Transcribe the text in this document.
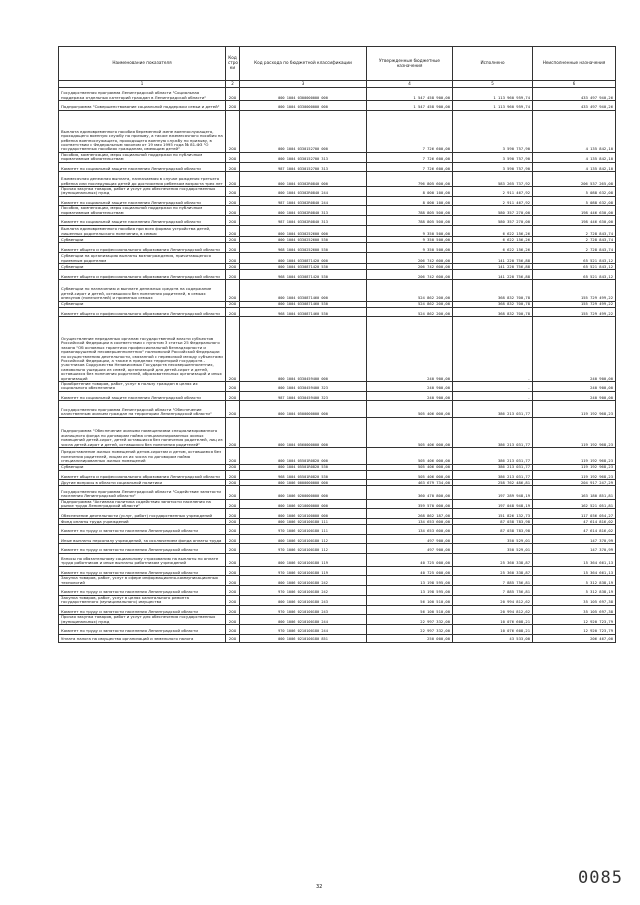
Наименование показателя	Код стро ки	Код расхода по бюджетной классификации	Утвержденные бюджетные назначения	Исполнено	Неисполненные назначения
1	2	3	4	5	6
Государственная программа Ленинградской области "Социальная поддержка отдельных категорий граждан в Ленинградской области"	200	000 1004 0300000000 000	1 547 458 900,00	1 113 960 959,74	433 497 940,26
Подпрограмма "Совершенствование социальной поддержки семьи и детей"	200	000 1004 0330000000 000	1 547 458 900,00	1 113 960 959,74	433 497 940,26
Выплата единовременного пособия беременной жене военнослужащего, проходящего военную службу по призыву, а также ежемесячного пособия на ребенка военнослужащего, проходящего военную службу по призыву, в соответствии с Федеральным законом от 19 мая 1995 года № 81-ФЗ "О государственных пособиях гражданам, имеющим детей"	200	000 1004 0330152700 000	7 726 600,00	3 590 757,90	4 135 842,10
Пособия, компенсации, меры социальной поддержки по публичным нормативным обязательствам	200	000 1004 0330152700 313	7 726 600,00	3 590 757,90	4 135 842,10
Комитет по социальной защите населения Ленинградской области	200	987 1004 0330152700 313	7 726 600,00	3 590 757,90	4 135 842,10
Ежемесячная денежная выплата, назначаемая в случае рождения третьего ребенка или последующих детей до достижения ребенком возраста трех лет	200	000 1004 03302R0840 000	796 805 600,00	583 265 737,92	206 537 265,08
Прочая закупка товаров, работ и услуг для обеспечения государственных (муниципальных) нужд	200	000 1004 03302R0840 244	8 000 100,00	2 911 467,92	5 088 632,08
Комитет по социальной защите населения Ленинградской области	200	987 1004 03302R0840 244	8 000 100,00	2 911 467,92	5 088 632,08
Пособия, компенсации, меры социальной поддержки по публичным нормативным обязательствам	200	000 1004 03302R0840 313	788 805 500,00	580 357 270,00	198 446 630,00
Комитет по социальной защите населения Ленинградской области	200	987 1004 03302R0840 313	788 805 500,00	580 357 270,00	198 446 630,00
Выплата единовременного пособия при всех формах устройства детей, лишенных родительского попечения, в семью	200	000 1004 0330252600 000	9 350 500,00	6 622 156,26	2 728 843,74
Субвенции	200	000 1004 0330252600 530	9 350 500,00	6 622 156,26	2 728 843,74
Комитет общего и профессионального образования Ленинградской области	200	968 1004 0330252600 530	9 350 500,00	6 622 156,26	2 728 843,74
Субвенции на организацию выплаты вознаграждения, причитающегося приемным родителям	200	000 1004 0330871420 000	206 742 600,00	141 220 756,88	65 521 843,12
Субвенции	200	000 1004 0330871420 530	206 742 600,00	141 220 756,88	65 521 843,12
Комитет общего и профессионального образования Ленинградской области	200	968 1004 0330871420 530	206 742 600,00	141 220 756,88	65 521 843,12
Субвенции по назначению и выплате денежных средств на содержание детей-сирот и детей, оставшихся без попечения родителей, в семьях опекунов (попечителей) и приемных семьях	200	000 1004 0330871460 000	524 862 200,00	368 832 700,78	155 729 499,22
Субвенции	200	000 1004 0330871460 530	524 862 200,00	368 832 700,78	155 729 499,22
Комитет общего и профессионального образования Ленинградской области	200	968 1004 0330871460 530	524 862 200,00	368 832 700,78	155 729 499,22
Осуществление переданных органам государственной власти субъектов Российской Федерации в соответствии с пунктом 3 статьи 25 Федерального закона "Об основных гарантиях профессиональной безнадзорности и правонарушений несовершеннолетних" полномочий Российской Федерации по осуществлению деятельности, связанной с перевозкой между субъектами Российской Федерации, а также в пределах территорий государств - участников Содружества Независимых Государств несовершеннолетних, самовольно ушедших из семей, организаций для детей-сирот и детей, оставшихся без попечения родителей, образовательных организаций и иных организаций	200	000 1004 0330459400 000	240 900,00	-	240 900,00
Приобретение товаров, работ, услуг в пользу граждан в целях их социального обеспечения	200	000 1004 0330459400 323	240 900,00	-	240 900,00
Комитет по социальной защите населения Ленинградской области	200	987 1004 0330459400 323	240 900,00	-	240 900,00
Государственная программа Ленинградской области "Обеспечение качественным жильем граждан на территории Ленинградской области"	200	000 1004 0500000000 000	505 406 000,00	386 213 031,77	119 192 968,23
Подпрограмма "Обеспечение жилыми помещениями специализированного жилищного фонда по договорам найма специализированных жилых помещений детей-сирот, детей оставшихся без попечения родителей, лиц из числа детей-сирот и детей, оставшихся без попечения родителей"	200	000 1004 0560000000 000	505 406 000,00	386 213 031,77	119 192 968,23
Предоставление жилых помещений детям-сиротам и детям, оставшимся без попечения родителей, лицам из их числа по договорам найма специализированных жилых помещений	200	000 1004 05501R0820 000	505 406 000,00	386 213 031,77	119 192 968,23
Субвенции	200	000 1004 05501R0820 530	505 406 000,00	386 213 031,77	119 192 968,23
Комитет общего и профессионального образования Ленинградской области	200	968 1004 05501R0820 530	505 406 000,00	386 213 031,77	119 192 968,23
Другие вопросы в области социальной политики	200	000 1006 0000000000 000	463 679 734,00	258 762 486,81	204 917 247,29
Государственная программа Ленинградской области "Содействие занятости населения Ленинградской области"	200	000 1006 0200000000 000	360 470 800,00	197 289 948,19	163 180 851,81
Подпрограмма "Активная политика содействия занятости населения на рынке труда Ленинградской области"	200	000 1006 0210000000 000	359 570 000,00	197 048 948,19	162 521 051,81
Обеспечение деятельности (услуг, работ) государственных учреждений	200	000 1006 0210100000 000	268 862 187,00	151 826 132,73	117 036 054,27
Фонд оплаты труда учреждений	200	000 1006 0210100180 111	134 653 600,00	87 038 783,98	47 614 816,02
Комитет по труду и занятости населения Ленинградской области	200	970 1006 0210100180 111	134 653 600,00	87 038 783,98	47 614 816,02
Иные выплаты персоналу учреждений, за исключением фонда оплаты труда	200	000 1006 0210100180 112	497 900,00	350 529,01	147 370,99
Комитет по труду и занятости населения Ленинградской области	200	970 1006 0210100180 112	497 900,00	350 529,01	147 370,99
Взносы по обязательному социальному страхованию на выплаты по оплате труда работников и иные выплаты работникам учреждений	200	000 1006 0210100180 119	40 725 000,00	25 360 338,87	15 364 661,13
Комитет по труду и занятости населения Ленинградской области	200	970 1006 0210100180 119	40 725 000,00	25 360 338,87	15 364 661,13
Закупка товаров, работ, услуг в сфере информационно-коммуникационных технологий	200	000 1006 0210100180 242	13 198 595,00	7 885 756,81	5 312 838,19
Комитет по труду и занятости населения Ленинградской области	200	970 1006 0210100180 242	13 198 595,00	7 885 756,81	5 312 838,19
Закупка товаров, работ, услуг в целях капитального ремонта государственного (муниципального) имущества	200	000 1006 0210100180 243	56 100 510,00	20 994 812,62	35 105 697,38
Комитет по труду и занятости населения Ленинградской области	200	970 1006 0210100180 243	56 100 510,00	20 994 812,62	35 105 697,38
Прочая закупка товаров, работ и услуг для обеспечения государственных (муниципальных) нужд	200	000 1006 0210100180 244	22 997 332,00	10 076 608,21	12 920 723,79
Комитет по труду и занятости населения Ленинградской области	200	970 1006 0210100180 244	22 997 332,00	10 076 608,21	12 920 723,79
Уплата налога на имущество организаций и земельного налога	200	000 1006 0210100180 851	250 000,00	43 533,00	206 467,00
32	0085
